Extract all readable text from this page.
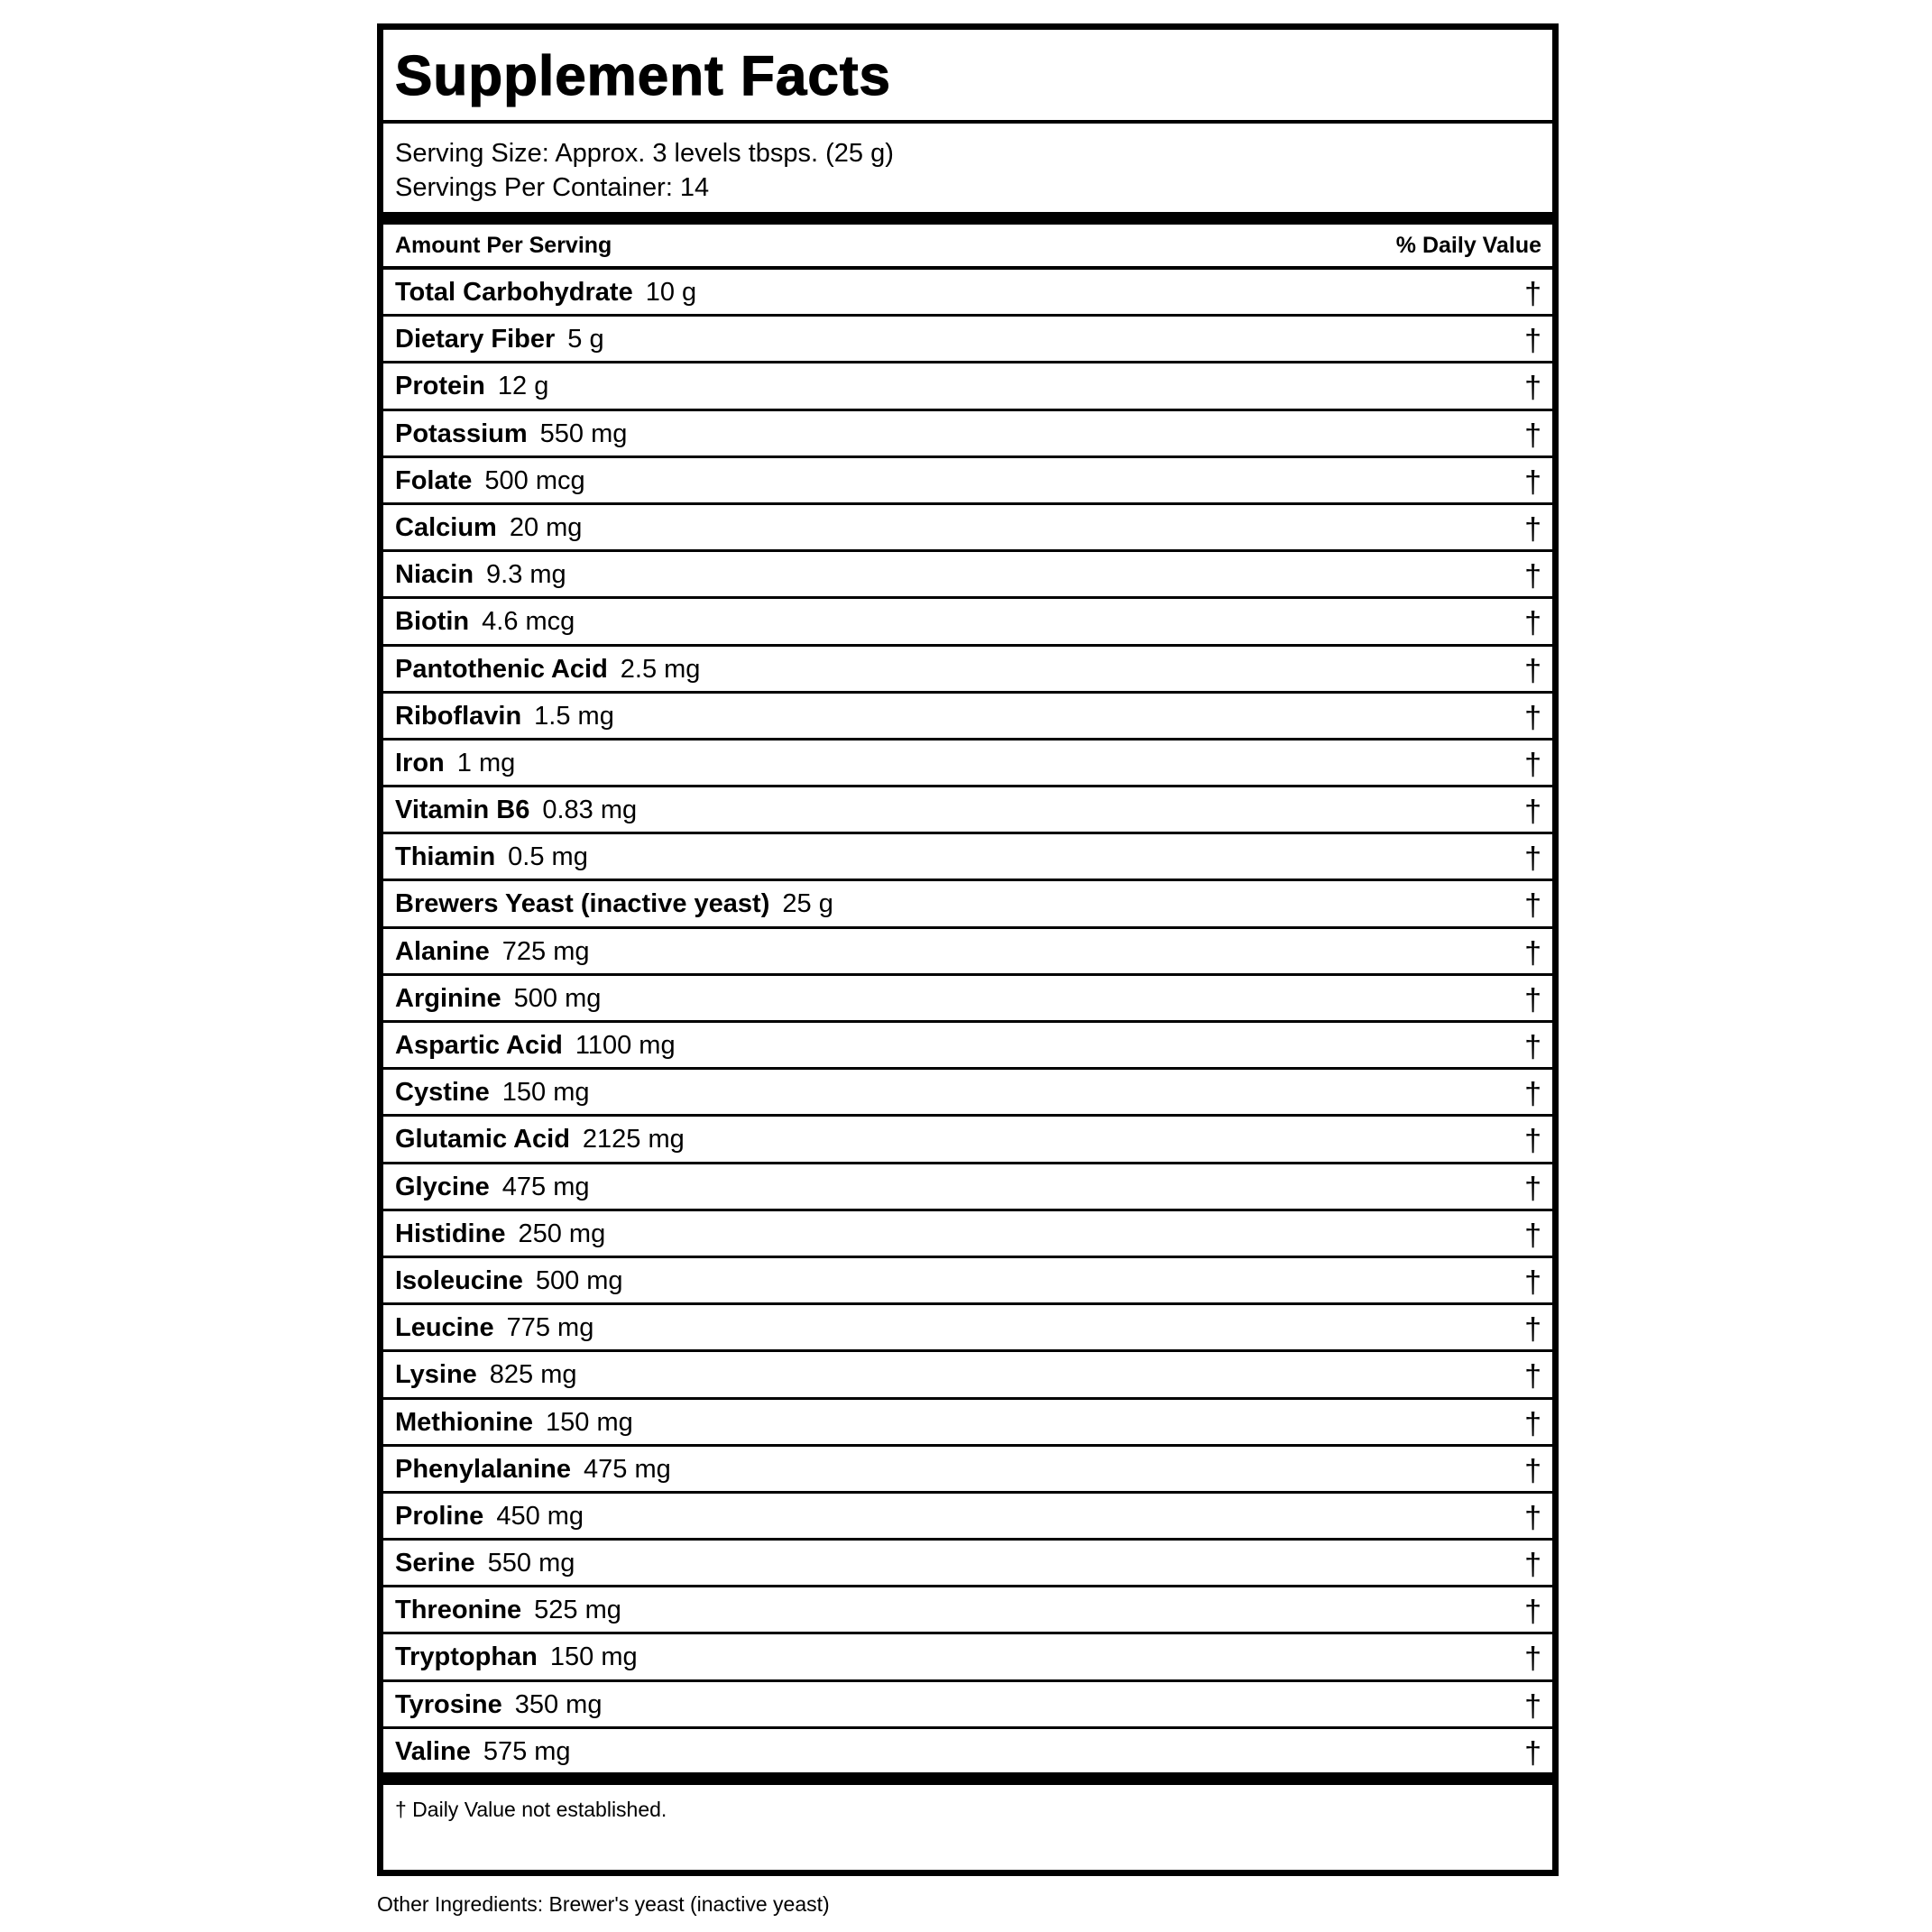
Supplement Facts
Serving Size: Approx. 3 levels tbsps. (25 g)
Servings Per Container: 14
Amount Per Serving	% Daily Value
Total Carbohydrate 10 g	†
Dietary Fiber 5 g	†
Protein 12 g	†
Potassium 550 mg	†
Folate 500 mcg	†
Calcium 20 mg	†
Niacin 9.3 mg	†
Biotin 4.6 mcg	†
Pantothenic Acid 2.5 mg	†
Riboflavin 1.5 mg	†
Iron 1 mg	†
Vitamin B6 0.83 mg	†
Thiamin 0.5 mg	†
Brewers Yeast (inactive yeast) 25 g	†
Alanine 725 mg	†
Arginine 500 mg	†
Aspartic Acid 1100 mg	†
Cystine 150 mg	†
Glutamic Acid 2125 mg	†
Glycine 475 mg	†
Histidine 250 mg	†
Isoleucine 500 mg	†
Leucine 775 mg	†
Lysine 825 mg	†
Methionine 150 mg	†
Phenylalanine 475 mg	†
Proline 450 mg	†
Serine 550 mg	†
Threonine 525 mg	†
Tryptophan 150 mg	†
Tyrosine 350 mg	†
Valine 575 mg	†
† Daily Value not established.
Other Ingredients: Brewer's yeast (inactive yeast)
